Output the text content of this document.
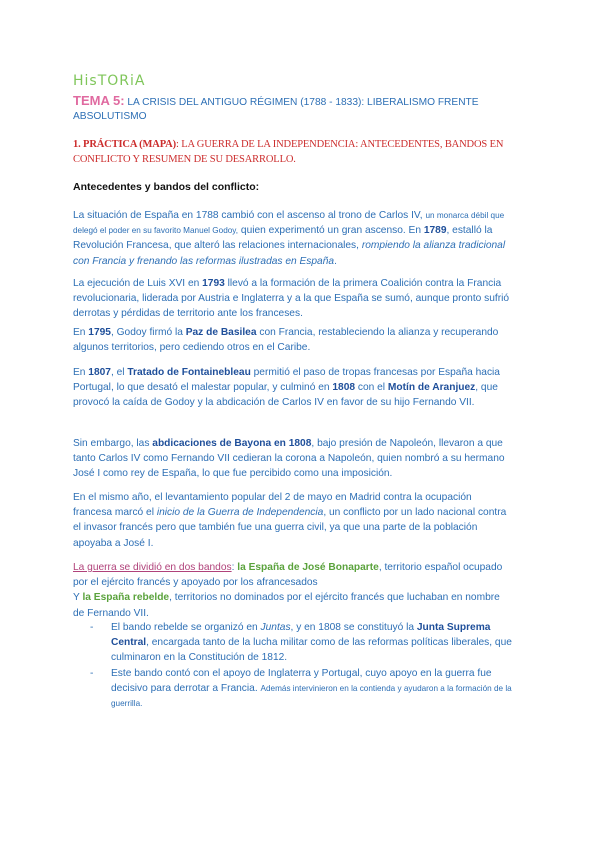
HisTORiA
TEMA 5: LA CRISIS DEL ANTIGUO RÉGIMEN (1788 - 1833): LIBERALISMO FRENTE ABSOLUTISMO
1. PRÁCTICA (MAPA): LA GUERRA DE LA INDEPENDENCIA: ANTECEDENTES, BANDOS EN CONFLICTO Y RESUMEN DE SU DESARROLLO.
Antecedentes y bandos del conflicto:
La situación de España en 1788 cambió con el ascenso al trono de Carlos IV, un monarca débil que delegó el poder en su favorito Manuel Godoy, quien experimentó un gran ascenso. En 1789, estalló la Revolución Francesa, que alteró las relaciones internacionales, rompiendo la alianza tradicional con Francia y frenando las reformas ilustradas en España.
La ejecución de Luis XVI en 1793 llevó a la formación de la primera Coalición contra la Francia revolucionaria, liderada por Austria e Inglaterra y a la que España se sumó, aunque pronto sufrió derrotas y pérdidas de territorio ante los franceses.
En 1795, Godoy firmó la Paz de Basilea con Francia, restableciendo la alianza y recuperando algunos territorios, pero cediendo otros en el Caribe.
En 1807, el Tratado de Fontainebleau permitió el paso de tropas francesas por España hacia Portugal, lo que desató el malestar popular, y culminó en 1808 con el Motín de Aranjuez, que provocó la caída de Godoy y la abdicación de Carlos IV en favor de su hijo Fernando VII.
Sin embargo, las abdicaciones de Bayona en 1808, bajo presión de Napoleón, llevaron a que tanto Carlos IV como Fernando VII cedieran la corona a Napoleón, quien nombró a su hermano José I como rey de España, lo que fue percibido como una imposición.
En el mismo año, el levantamiento popular del 2 de mayo en Madrid contra la ocupación francesa marcó el inicio de la Guerra de Independencia, un conflicto por un lado nacional contra el invasor francés pero que también fue una guerra civil, ya que una parte de la población apoyaba a José I.
La guerra se dividió en dos bandos: la España de José Bonaparte, territorio español ocupado por el ejército francés y apoyado por los afrancesados
Y la España rebelde, territorios no dominados por el ejército francés que luchaban en nombre de Fernando VII.
- El bando rebelde se organizó en Juntas, y en 1808 se constituyó la Junta Suprema Central, encargada tanto de la lucha militar como de las reformas políticas liberales, que culminaron en la Constitución de 1812.
- Este bando contó con el apoyo de Inglaterra y Portugal, cuyo apoyo en la guerra fue decisivo para derrotar a Francia. Además intervinieron en la contienda y ayudaron a la formación de la guerrilla.
